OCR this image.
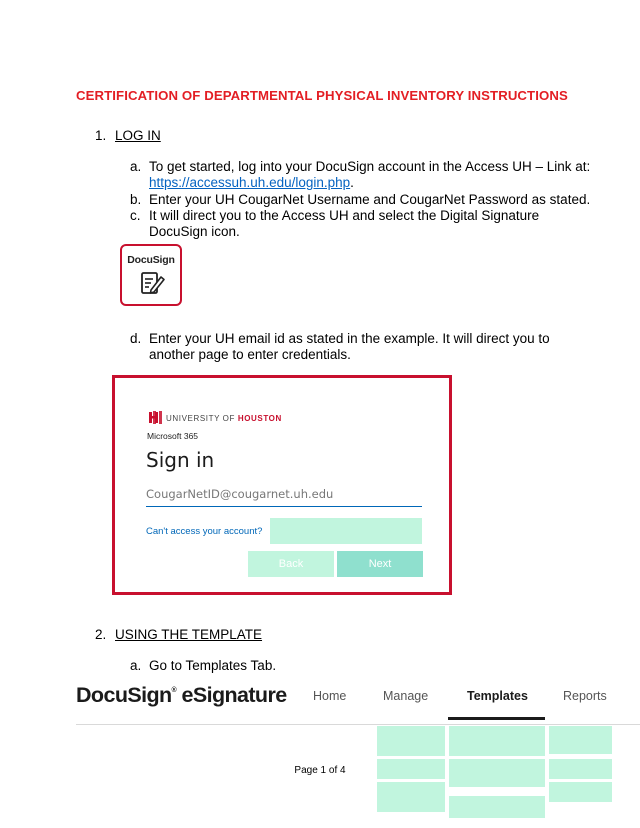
CERTIFICATION OF DEPARTMENTAL PHYSICAL INVENTORY INSTRUCTIONS
1. LOG IN
a. To get started, log into your DocuSign account in the Access UH – Link at:
https://accessuh.uh.edu/login.php.
b. Enter your UH CougarNet Username and CougarNet Password as stated.
c. It will direct you to the Access UH and select the Digital Signature
DocuSign icon.
DocuSign
d. Enter your UH email id as stated in the example. It will direct you to
another page to enter credentials.
UNIVERSITY OF HOUSTON
Microsoft 365
Sign in
CougarNetID@cougarnet.uh.edu
Can't access your account?
Back	Next
2. USING THE TEMPLATE
a. Go to Templates Tab.
DocuSign® eSignature Home	Manage	Templates	Reports
Page 1 of 4
